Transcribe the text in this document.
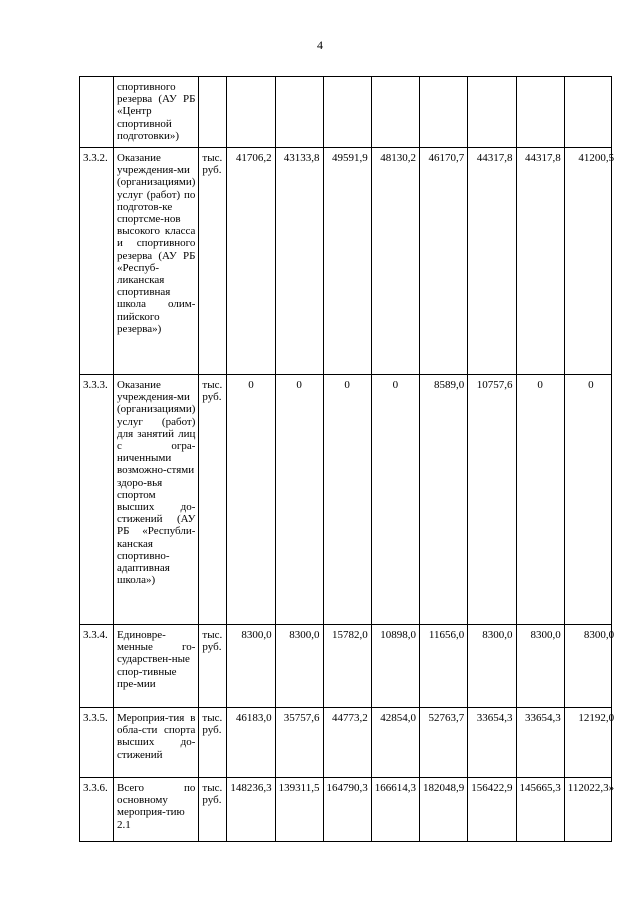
4
	спортивного резерва (АУ РБ «Центр спортивной подготовки»)									
3.3.2.	Оказание учреждения-ми (организациями) услуг (работ) по подготов-ке спортсме-нов высокого класса и спортивного резерва (АУ РБ «Респуб-ликанская спортивная школа олим-пийского резерва»)	тыс. руб.	41706,2	43133,8	49591,9	48130,2	46170,7	44317,8	44317,8	41200,5
3.3.3.	Оказание учреждения-ми (организациями) услуг (работ) для занятий лиц с огра-ниченными возможно-стями здоро-вья спортом высших до-стижений (АУ РБ «Республи-канская спортивно-адаптивная школа»)	тыс. руб.	0	0	0	0	8589,0	10757,6	0	0
3.3.4.	Единовре-менные го-сударствен-ные спор-тивные пре-мии	тыс. руб.	8300,0	8300,0	15782,0	10898,0	11656,0	8300,0	8300,0	8300,0
3.3.5.	Мероприя-тия в обла-сти спорта высших до-стижений	тыс. руб.	46183,0	35757,6	44773,2	42854,0	52763,7	33654,3	33654,3	12192,0
3.3.6.	Всего по основному мероприя-тию 2.1	тыс. руб.	148236,3	139311,5	164790,3	166614,3	182048,9	156422,9	145665,3	112022,3»
